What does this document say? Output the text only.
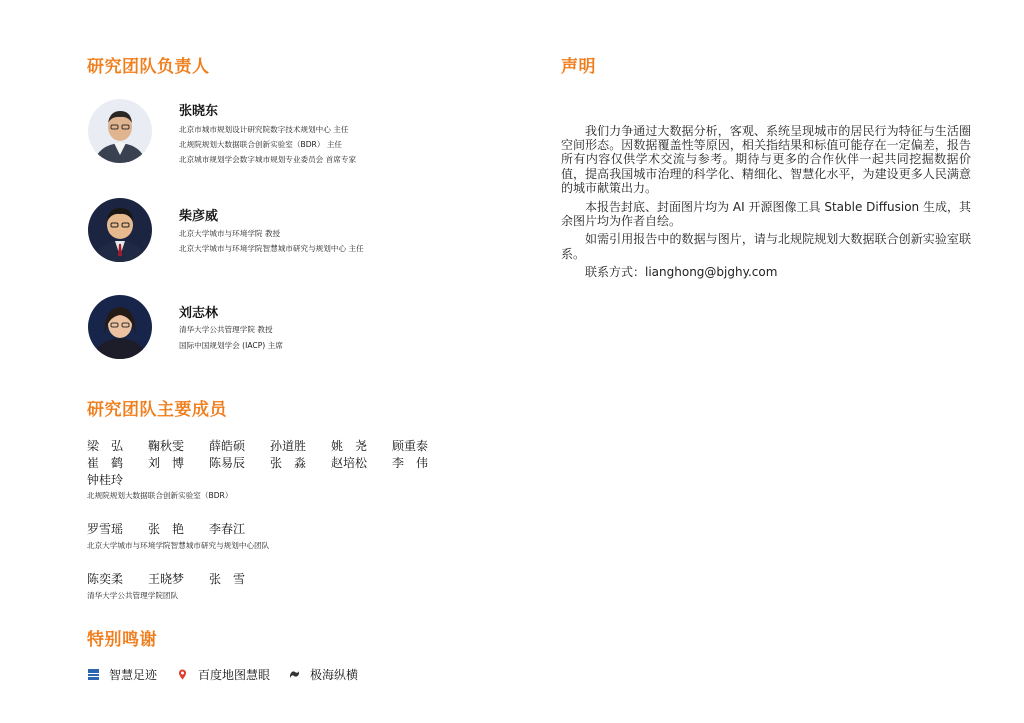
研究团队负责人
张晓东
北京市城市规划设计研究院数字技术规划中心 主任
北规院规划大数据联合创新实验室（BDR） 主任
北京城市规划学会数字城市规划专业委员会 首席专家
柴彦威
北京大学城市与环境学院 教授
北京大学城市与环境学院智慧城市研究与规划中心 主任
刘志林
清华大学公共管理学院 教授
国际中国规划学会 (IACP) 主席
研究团队主要成员
梁　弘 鞠秋雯 薛皓硕 孙道胜 姚　尧 顾重泰
崔　鹤 刘　博 陈易辰 张　淼 赵培松 李　伟
钟桂玲
北规院规划大数据联合创新实验室（BDR）
罗雪瑶 张　艳 李春江
北京大学城市与环境学院智慧城市研究与规划中心团队
陈奕柔 王晓梦 张　雪
清华大学公共管理学院团队
特别鸣谢
智慧足迹	百度地图慧眼	极海纵横
声明

我们力争通过大数据分析，客观、系统呈现城市的居民行为特征与生活圈空间形态。因数据覆盖性等原因，相关指结果和标值可能存在一定偏差，报告所有内容仅供学术交流与参考。期待与更多的合作伙伴一起共同挖掘数据价值，提高我国城市治理的科学化、精细化、智慧化水平，为建设更多人民满意的城市献策出力。

本报告封底、封面图片均为 AI 开源图像工具 Stable Diffusion 生成，其余图片均为作者自绘。

如需引用报告中的数据与图片，请与北规院规划大数据联合创新实验室联系。

联系方式：lianghong@bjghy.com
